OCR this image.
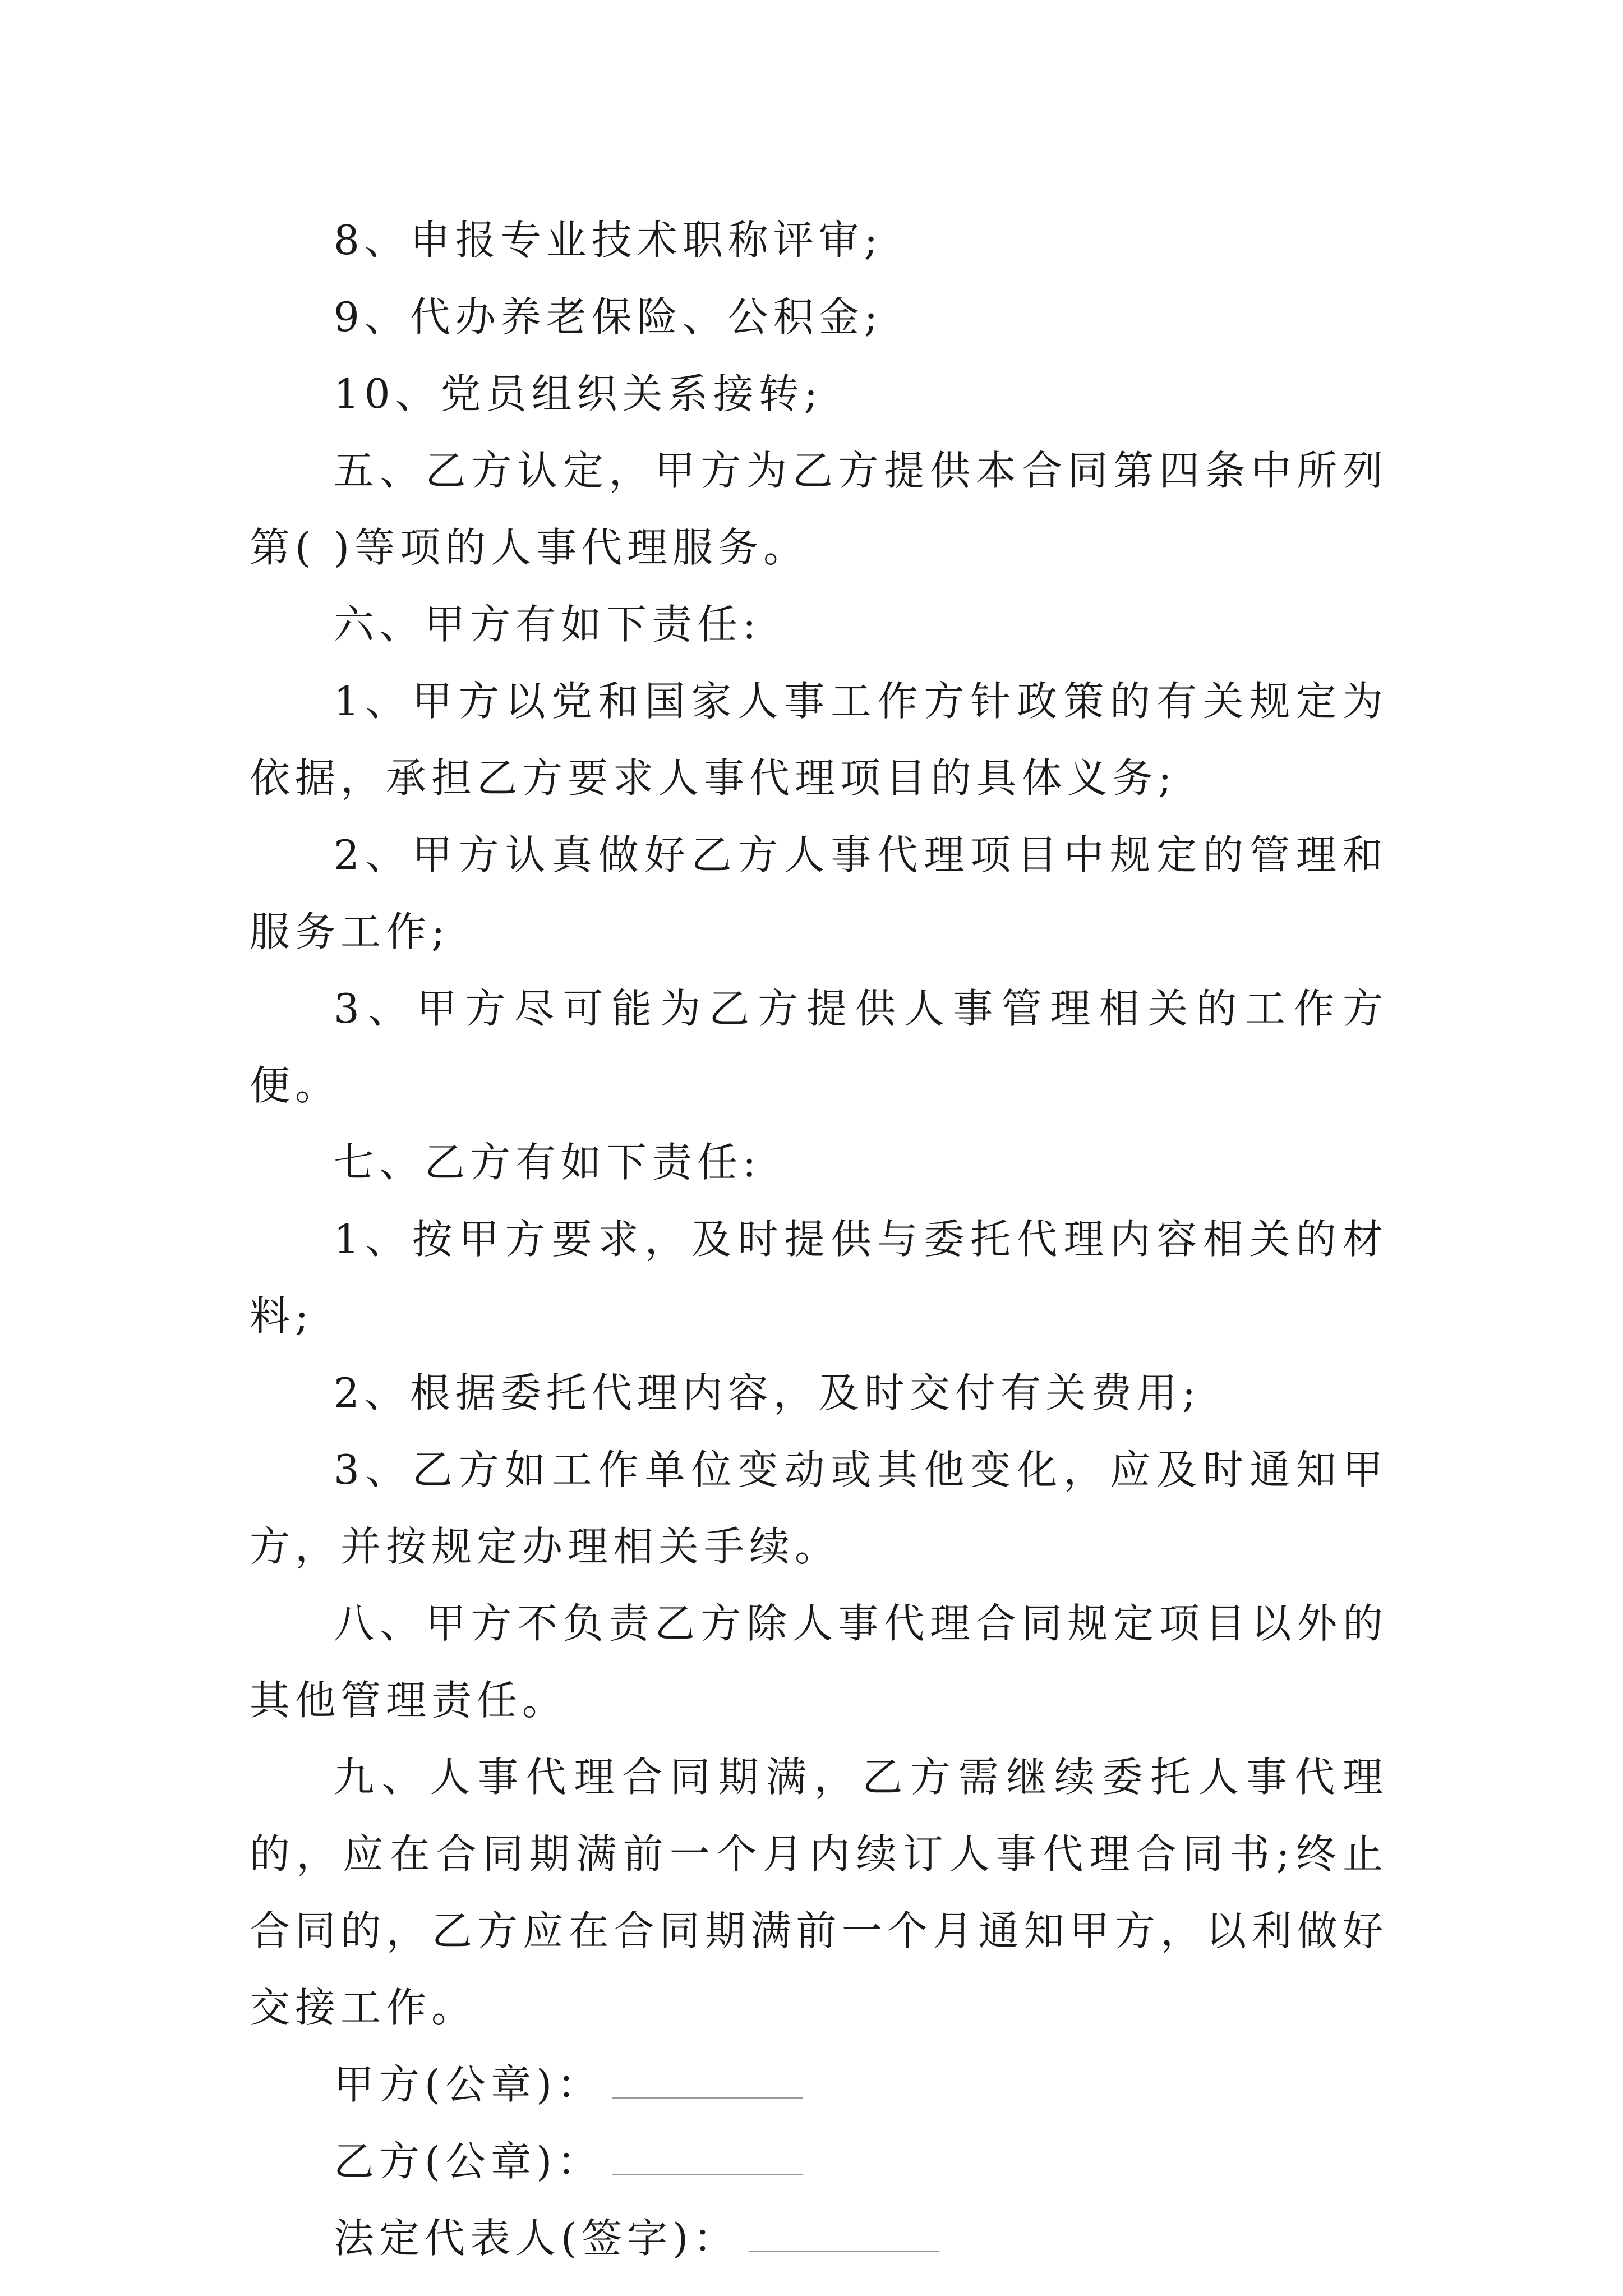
8、申报专业技术职称评审;

9、代办养老保险、公积金;

10、党员组织关系接转;

五、乙方认定，甲方为乙方提供本合同第四条中所列第( )等项的人事代理服务。

六、甲方有如下责任:

1、甲方以党和国家人事工作方针政策的有关规定为依据，承担乙方要求人事代理项目的具体义务;

2、甲方认真做好乙方人事代理项目中规定的管理和服务工作;

3、甲方尽可能为乙方提供人事管理相关的工作方便。

七、乙方有如下责任:

1、按甲方要求，及时提供与委托代理内容相关的材料;

2、根据委托代理内容，及时交付有关费用;

3、乙方如工作单位变动或其他变化，应及时通知甲方，并按规定办理相关手续。

八、甲方不负责乙方除人事代理合同规定项目以外的其他管理责任。

九、人事代理合同期满，乙方需继续委托人事代理的，应在合同期满前一个月内续订人事代理合同书;终止合同的，乙方应在合同期满前一个月通知甲方，以利做好交接工作。

甲方(公章)：

乙方(公章)：

法定代表人(签字)：
